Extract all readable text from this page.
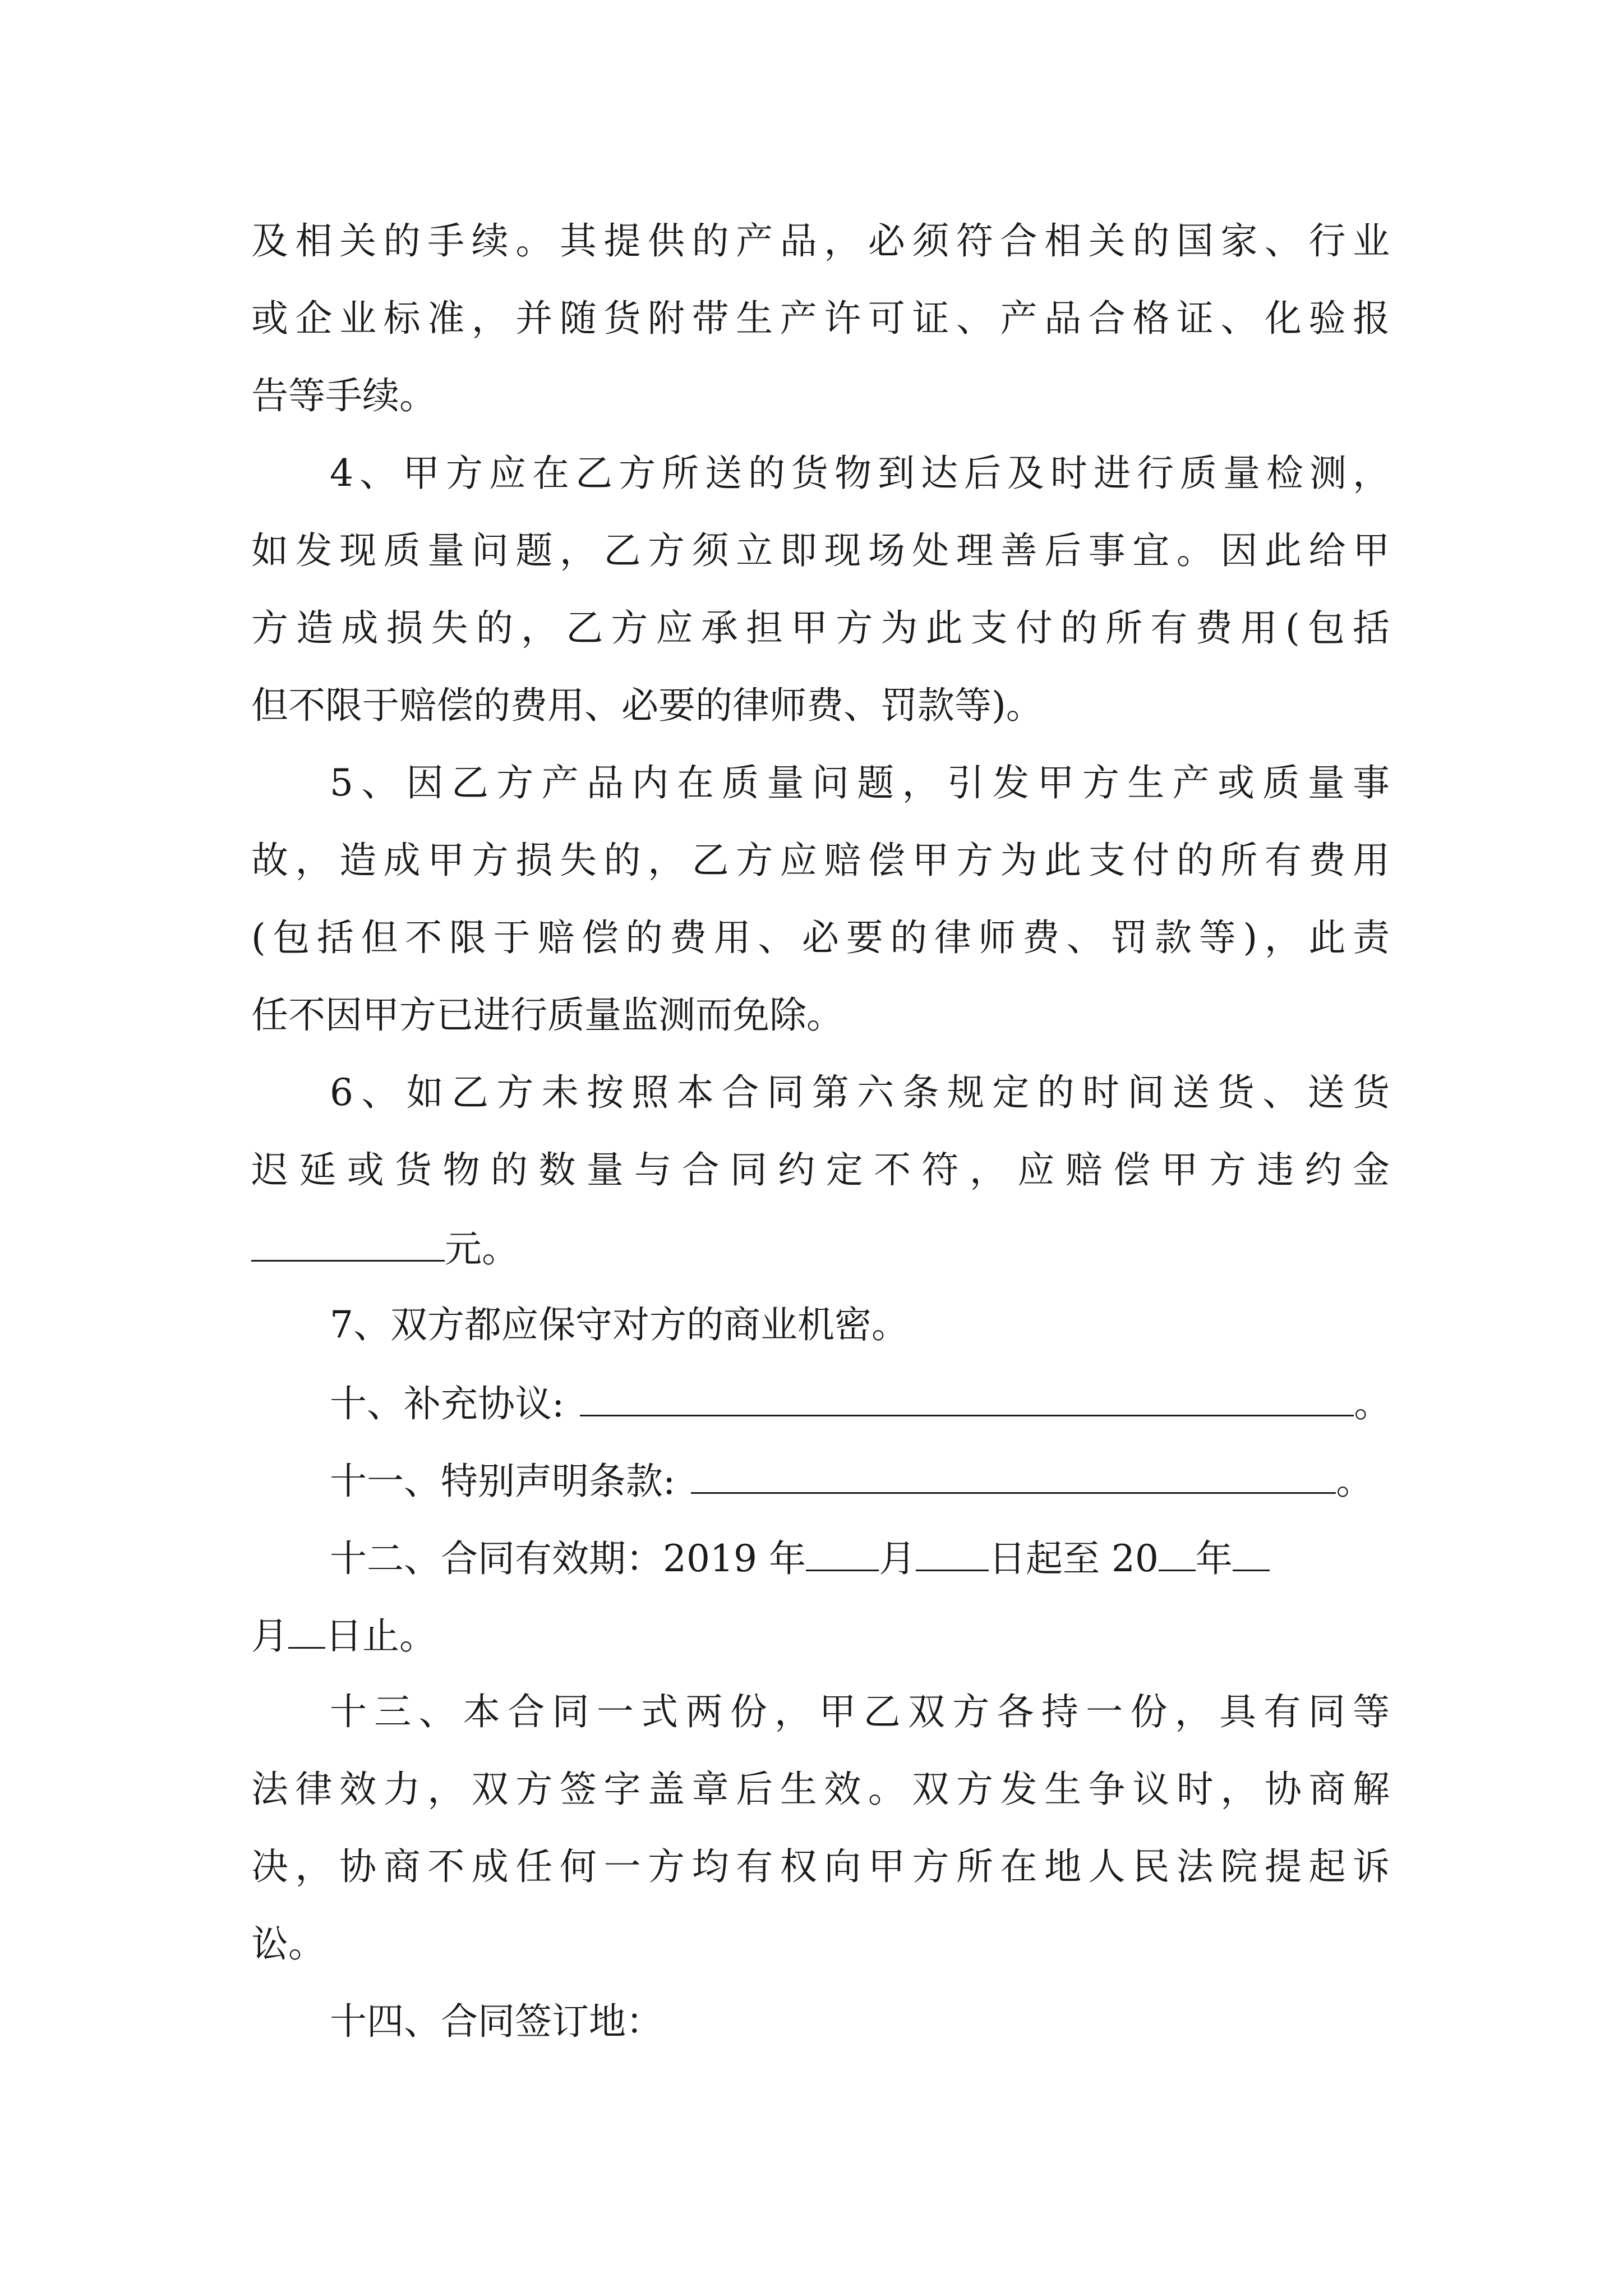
及相关的手续。其提供的产品，必须符合相关的国家、行业
或企业标准，并随货附带生产许可证、产品合格证、化验报
告等手续。
4、甲方应在乙方所送的货物到达后及时进行质量检测，
如发现质量问题，乙方须立即现场处理善后事宜。因此给甲
方造成损失的，乙方应承担甲方为此支付的所有费用(包括
但不限于赔偿的费用、必要的律师费、罚款等)。
5、因乙方产品内在质量问题，引发甲方生产或质量事
故，造成甲方损失的，乙方应赔偿甲方为此支付的所有费用
(包括但不限于赔偿的费用、必要的律师费、罚款等)，此责
任不因甲方已进行质量监测而免除。
6、如乙方未按照本合同第六条规定的时间送货、送货
迟延或货物的数量与合同约定不符，应赔偿甲方违约金
元。
7、双方都应保守对方的商业机密。
十、补充协议:	。
十一、特别声明条款:	。
十二、合同有效期：2019 年 月 日起至 20 年
月 日止。
十三、本合同一式两份，甲乙双方各持一份，具有同等
法律效力，双方签字盖章后生效。双方发生争议时，协商解
决，协商不成任何一方均有权向甲方所在地人民法院提起诉
讼。
十四、合同签订地：
